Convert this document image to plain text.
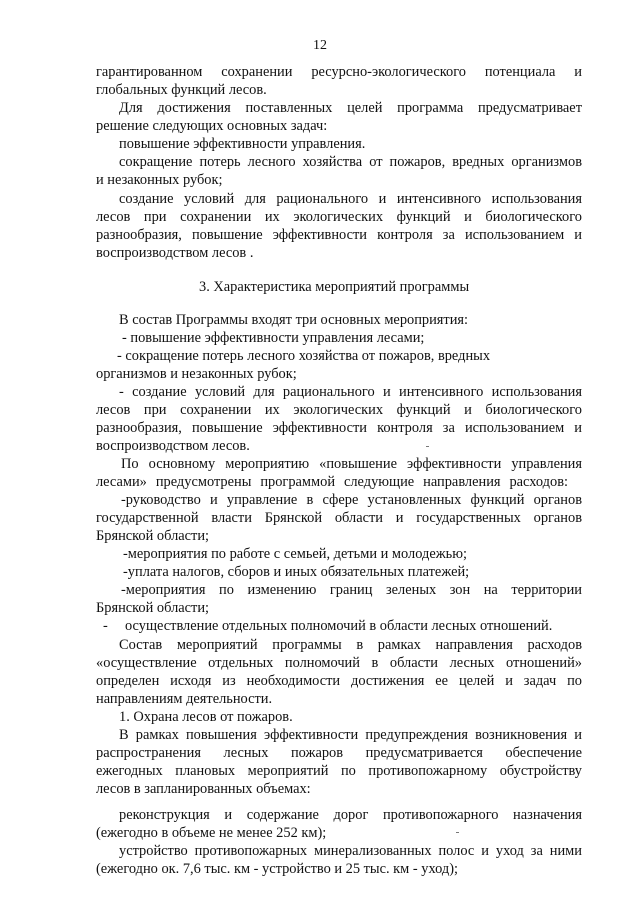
12
гарантированном сохранении ресурсно-экологического потенциала и
глобальных функций лесов.
Для достижения поставленных целей программа предусматривает
решение следующих основных задач:
повышение эффективности управления.
сокращение потерь лесного хозяйства от пожаров, вредных организмов
и незаконных рубок;
создание условий для рационального и интенсивного использования
лесов при сохранении их экологических функций и биологического
разнообразия, повышение эффективности контроля за использованием и
воспроизводством лесов .
3. Характеристика мероприятий программы
В состав Программы входят три основных мероприятия:
- повышение эффективности управления лесами;
- сокращение потерь лесного хозяйства от пожаров, вредных
организмов и незаконных рубок;
- создание условий для рационального и интенсивного использования
лесов при сохранении их экологических функций и биологического
разнообразия, повышение эффективности контроля за использованием и
воспроизводством лесов.
По основному мероприятию «повышение эффективности управления
лесами» предусмотрены программой следующие направления расходов:
-руководство и управление в сфере установленных функций органов
государственной власти Брянской области и государственных органов
Брянской области;
-мероприятия по работе с семьей, детьми и молодежью;
-уплата налогов, сборов и иных обязательных платежей;
-мероприятия по изменению границ зеленых зон на территории
Брянской области;
- осуществление отдельных полномочий в области лесных отношений.
Состав мероприятий программы в рамках направления расходов
«осуществление отдельных полномочий в области лесных отношений»
определен исходя из необходимости достижения ее целей и задач по
направлениям деятельности.
1. Охрана лесов от пожаров.
В рамках повышения эффективности предупреждения возникновения и
распространения лесных пожаров предусматривается обеспечение
ежегодных плановых мероприятий по противопожарному обустройству
лесов в запланированных объемах:
реконструкция и содержание дорог противопожарного назначения
(ежегодно в объеме не менее 252 км);
устройство противопожарных минерализованных полос и уход за ними
(ежегодно ок. 7,6 тыс. км - устройство и 25 тыс. км - уход);
